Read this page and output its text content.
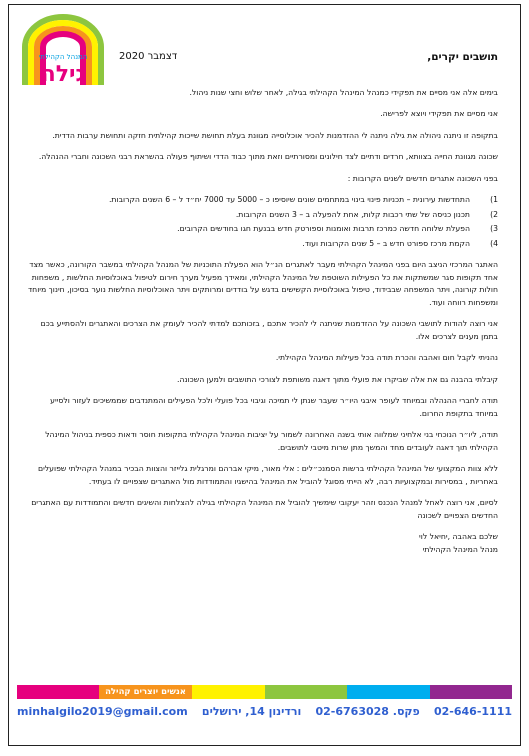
המנהל הקהילתי
גילה
דצמבר 2020	תושבים יקרים,

בימים אלה אני מסיים את תפקידי כמנהל המינהל הקהילתי בגילה, לאחר שלוש וחצי שנות ניהול.

אני מסיים את תפקידי ויוצא לפרישה.

בתקופה זו ניתנה ניהולה את גילה ניתנה לי ההזדמנות להכיר אוכלוסייה מגוונת בעלת תחושת שייכות קהילתית חזקה ותחושת ערבות הדדית.

שכונה מגוונת החייה בצוותא, חרדים ודתיים לצד חילונים ומסורתיים וזאת מתוך כבוד הדדי ושיתוף פעולה בהשראת רבני השכונה וחברי ההנהלה.

בפני השכונה אתגרים חדשים לשנים הקרובות :

1)
התחדשות עירונית – תכניות פינוי בינוי במתחמים שונים שיוסיפו כ – 5000 עד 7000 יח״ד ל – 6 השנים הקרובות.
2)
תכנון כניסה של שתי רכבות קלות, אחת להפעלה ב – 3 השנים הקרובות.
3)
הפעלת שלוחה חדשה כמרכז תרבות ואומנות וספורטק חדש בבנעת חגו בחודשים הקרובים.
4)
הקמת מרכז ספורט חדש ב – 5 שנים הקרובות ועוד.

האתגר המרכזי הניצב היום בפני המינהל הקהילתי מעבר לאתגרים הנ״ל הוא הפעלת התוכניות של המנהל הקהילתי במשבר הקורונה, כאשר מצד אחד תקופות סגר שמשתקות את כל הפעילות השוטפת של המינהל הקהילתי, ומאידך מפעיל מערך חירום לטיפול באוכלוסיות החלשות , משפחות חולות קורונה, ויתר המשפחה שבבידוד, טיפול באוכלוסיית הקשישים בדגש על בודדים ומרותקים ויתר האוכלוסיות החלשות נוער בסיכון, חינוך מיוחד ומשפחות רווחה ועוד.

אני רוצה להודות לתושבי השכונה על ההזדמנות שניתנה לי להכיר אתכם , בזכותכם למדתי להכיר לעומק את הצרכים והאתגרים ולהסתייע בכם בתמן מענים לצרכים אלו.

נהניתי לקבל חום ואהבה והכרת תודה בכל פעילות המינהל הקהילתי.

קיבלתי בהבנה גם את אלה שביקרו את פועלי מתוך דאגה משותפת לצורכי התושבים ולמען השכונה.

תודה לחברי ההנהלה ובמיוחד לעופר איבגי היו״ר שעבר שנתן לי תמיכה וגיבוי בכל פועלי ולכל הפעילים והמתנדבים שממשיכים לעזור ולסייע במיוחד בתקופת החרום.

תודה, ליו״ר הנוכחי בני אלחיני שמלווה אותי בשנה האחרונה לשמור על יציבות המינהל הקהילתי בתקופות חוסר ודאות כספית בניהול המינהל הקהילתי תוך דאגה לעובדים מחד והמשך מתן שרות מיטבי לתושבים.

ללא צוות המקצועי של המינהל הקהילתי ברשות הסמנכ״לים : אלי מאור, מיקי אברהם ומרגלית גלייזר והצוות הבכיר במנהל הקהילתי שפועלים באחריות , במסירות ובמקצועיות רבה, לא הייתי מסוגל להוביל את המינהל בהישגיו והתמודדות מול האתגרים שצפויים לו בעתיד.

לסיום, אני רוצה לאחל למנהל הנכנס וזהר יעקובי שימשיך להוביל את המינהל הקהילתי בגילה להצלחות והשיגים חדשים והתמודדות עם האתגרים החדשים הצפויים לשכונה

שלכם באהבה ,יחיאל לוי

מנהל המינהל הקהילתי

אנשים יוצרים קהילה
minhalgilo2019@gmail.com ורדינון 14, ירושלים פקס. 02-6763028 02-646-1111
